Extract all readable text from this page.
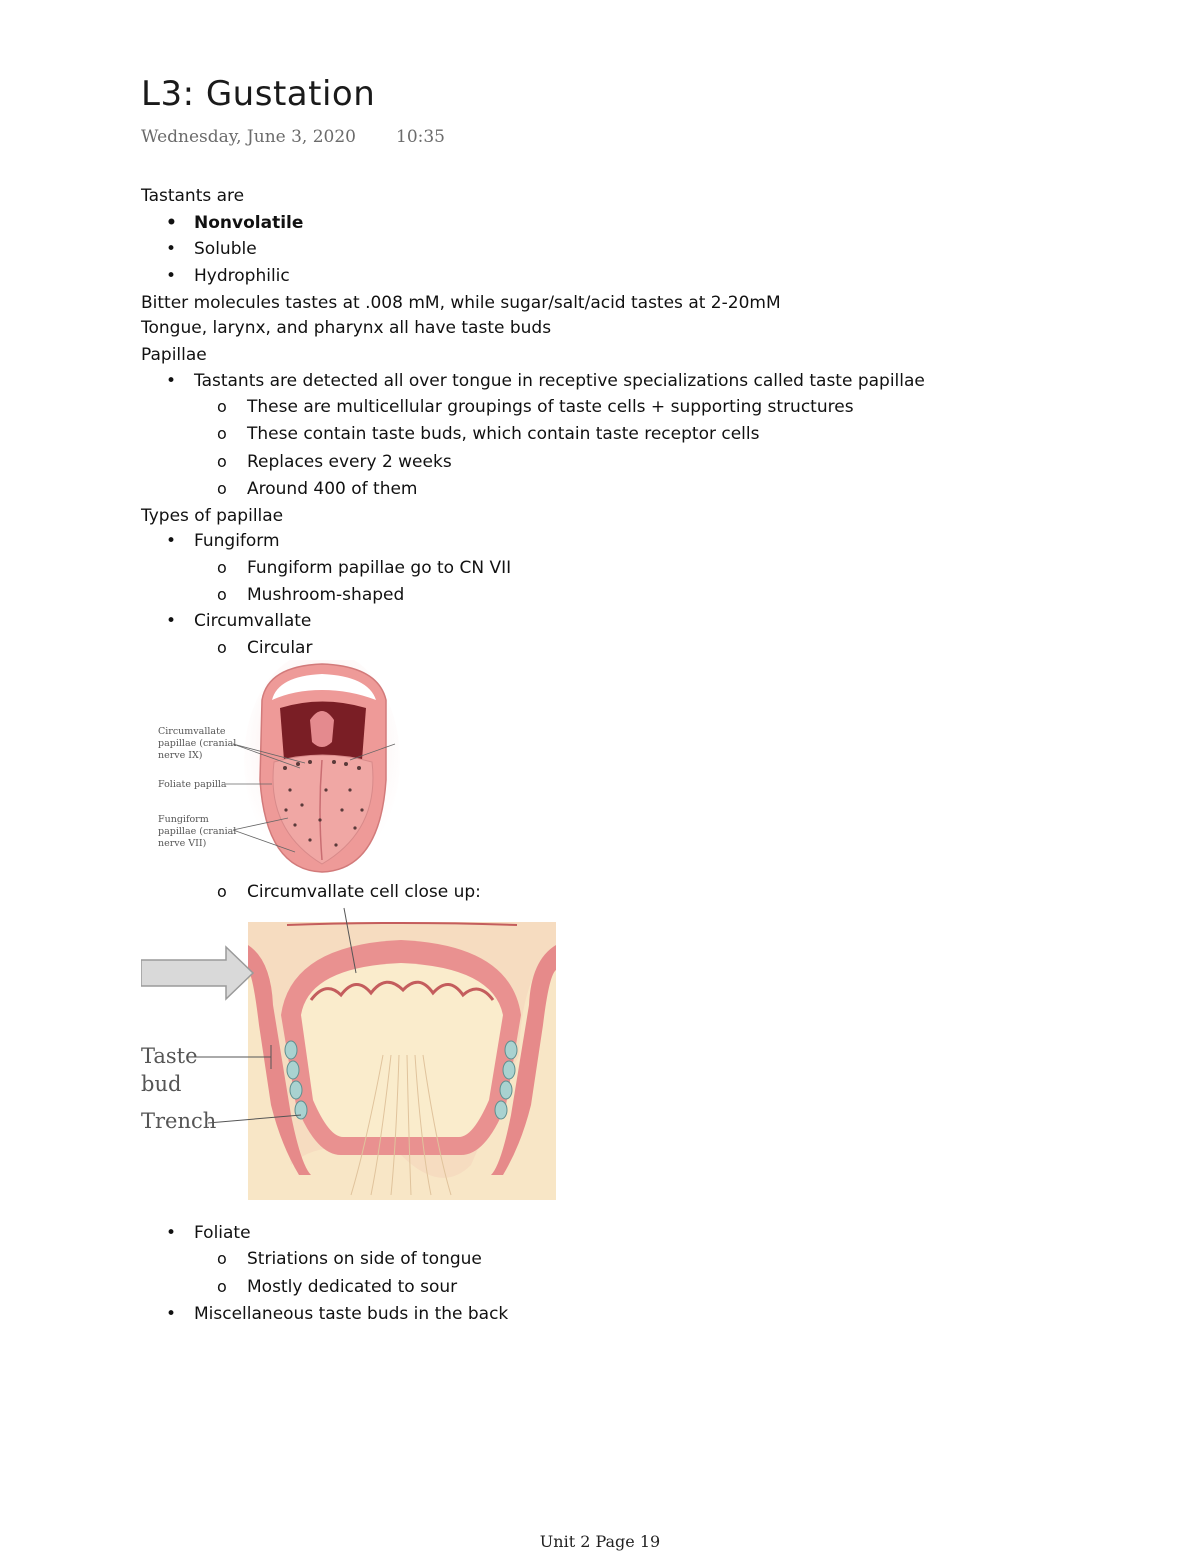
L3: Gustation
Wednesday, June 3, 2020 10:35
Tastants are
• Nonvolatile
• Soluble
• Hydrophilic
Bitter molecules tastes at .008 mM, while sugar/salt/acid tastes at 2-20mM
Tongue, larynx, and pharynx all have taste buds
Papillae
• Tastants are detected all over tongue in receptive specializations called taste papillae
o These are multicellular groupings of taste cells + supporting structures
o These contain taste buds, which contain taste receptor cells
o Replaces every 2 weeks
o Around 400 of them
Types of papillae
• Fungiform
o Fungiform papillae go to CN VII
o Mushroom-shaped
• Circumvallate
o Circular
Circumvallate
papillae (cranial
nerve IX)
Foliate papilla
Fungiform
papillae (cranial
nerve VII)
o Circumvallate cell close up:
Taste
bud
Trench
• Foliate
o Striations on side of tongue
o Mostly dedicated to sour
• Miscellaneous taste buds in the back
Unit 2 Page 19
